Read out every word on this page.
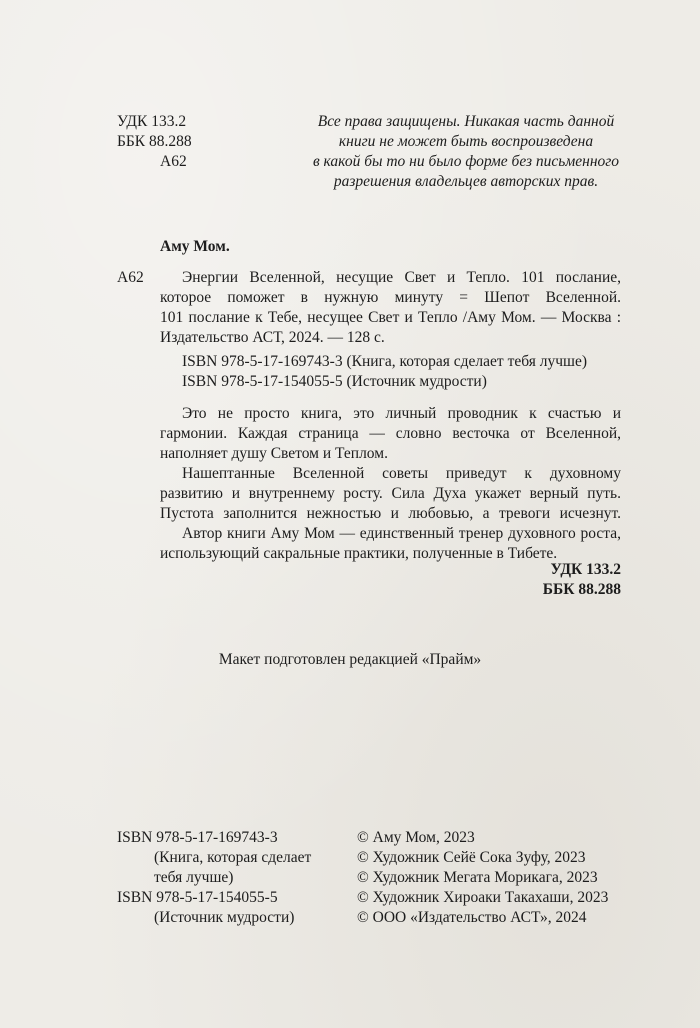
УДК 133.2
ББК 88.288
А62
Все права защищены. Никакая часть данной
книги не может быть воспроизведена
в какой бы то ни было форме без письменного
разрешения владельцев авторских прав.
Аму Мом.
А62	Энергии Вселенной, несущие Свет и Тепло. 101 послание,
которое поможет в нужную минуту = Шепот Вселенной.
101 послание к Тебе, несущее Свет и Тепло /Аму Мом. — Москва :
Издательство АСТ, 2024. — 128 с.
ISBN 978-5-17-169743-3 (Книга, которая сделает тебя лучше)
ISBN 978-5-17-154055-5 (Источник мудрости)
Это не просто книга, это личный проводник к счастью и
гармонии. Каждая страница — словно весточка от Вселенной,
наполняет душу Светом и Теплом.
Нашептанные Вселенной советы приведут к духовному
развитию и внутреннему росту. Сила Духа укажет верный путь.
Пустота заполнится нежностью и любовью, а тревоги исчезнут.
Автор книги Аму Мом — единственный тренер духовного роста,
использующий сакральные практики, полученные в Тибете.
УДК 133.2
ББК 88.288
Макет подготовлен редакцией «Прайм»
ISBN 978-5-17-169743-3
(Книга, которая сделает
тебя лучше)
ISBN 978-5-17-154055-5
(Источник мудрости)
© Аму Мом, 2023
© Художник Сейё Сока Зуфу, 2023
© Художник Мегата Морикага, 2023
© Художник Хироаки Такахаши, 2023
© ООО «Издательство АСТ», 2024
